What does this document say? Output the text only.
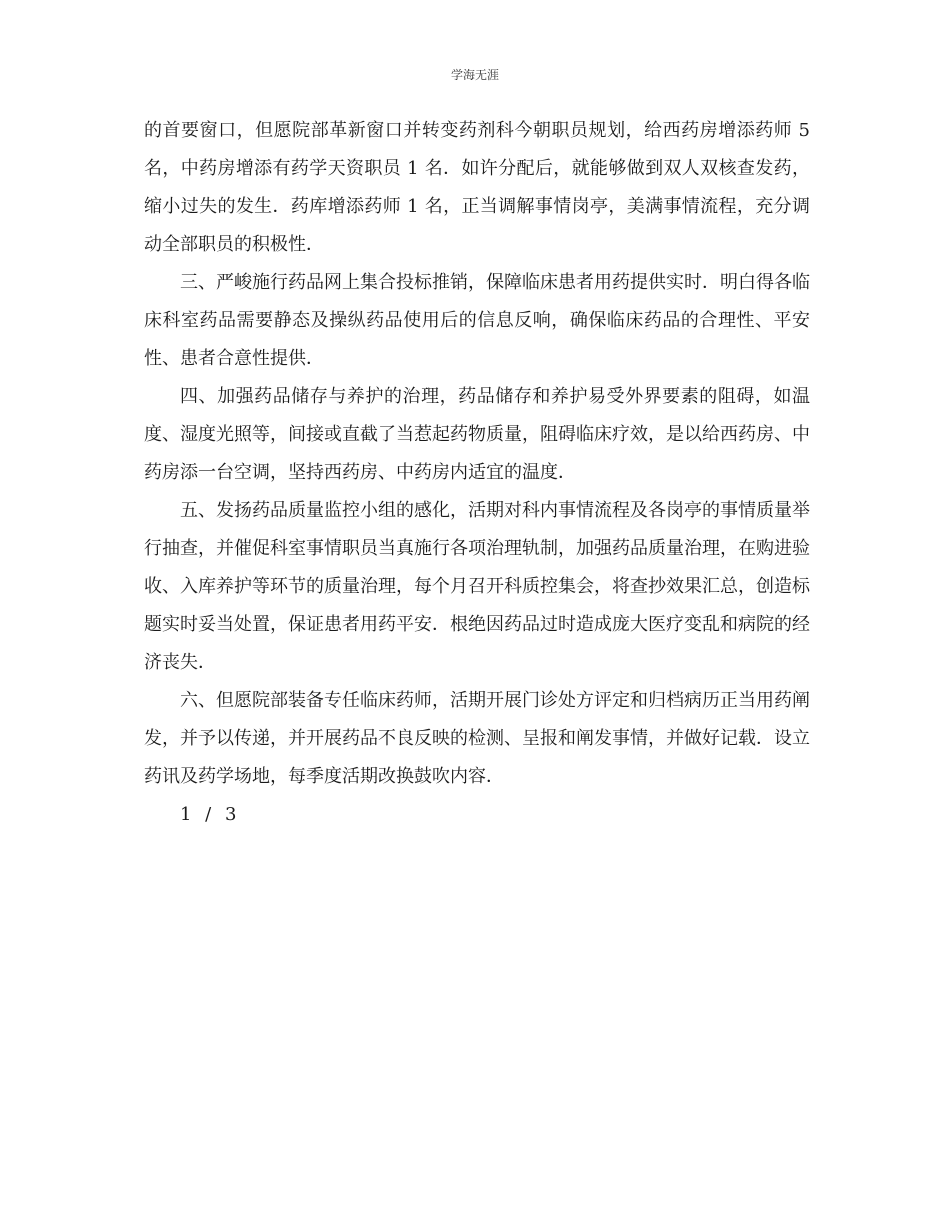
学海无涯

的首要窗口，但愿院部革新窗口并转变药剂科今朝职员规划，给西药房增添药师 5 名，中药房增添有药学天资职员 1 名．如许分配后，就能够做到双人双核查发药，缩小过失的发生．药库增添药师 1 名，正当调解事情岗亭，美满事情流程，充分调动全部职员的积极性．

三、严峻施行药品网上集合投标推销，保障临床患者用药提供实时．明白得各临床科室药品需要静态及操纵药品使用后的信息反响，确保临床药品的合理性、平安性、患者合意性提供．

四、加强药品储存与养护的治理，药品储存和养护易受外界要素的阻碍，如温度、湿度光照等，间接或直截了当惹起药物质量，阻碍临床疗效，是以给西药房、中药房添一台空调，坚持西药房、中药房内适宜的温度．

五、发扬药品质量监控小组的感化，活期对科内事情流程及各岗亭的事情质量举行抽查，并催促科室事情职员当真施行各项治理轨制，加强药品质量治理，在购进验收、入库养护等环节的质量治理，每个月召开科质控集会，将查抄效果汇总，创造标题实时妥当处置，保证患者用药平安．根绝因药品过时造成庞大医疗变乱和病院的经济丧失．

六、但愿院部装备专任临床药师，活期开展门诊处方评定和归档病历正当用药阐发，并予以传递，并开展药品不良反映的检测、呈报和阐发事情，并做好记载．设立药讯及药学场地，每季度活期改换鼓吹内容．

1 / 3
